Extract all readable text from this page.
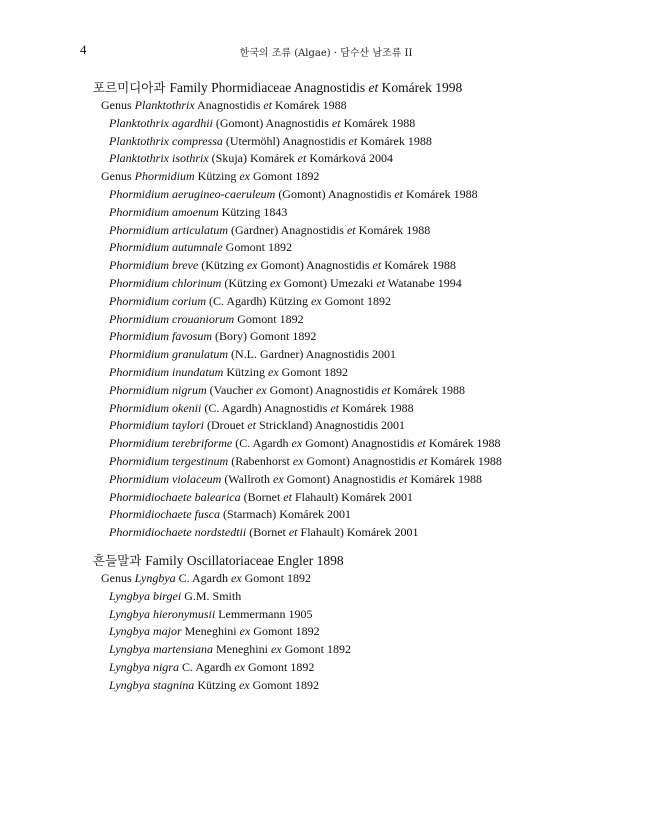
4	한국의 조류 (Algae) · 담수산 남조류 II
포르미디아과 Family Phormidiaceae Anagnostidis et Komárek 1998
Genus Planktothrix Anagnostidis et Komárek 1988
Planktothrix agardhii (Gomont) Anagnostidis et Komárek 1988
Planktothrix compressa (Utermöhl) Anagnostidis et Komárek 1988
Planktothrix isothrix (Skuja) Komárek et Komárková 2004
Genus Phormidium Kützing ex Gomont 1892
Phormidium aerugineo-caeruleum (Gomont) Anagnostidis et Komárek 1988
Phormidium amoenum Kützing 1843
Phormidium articulatum (Gardner) Anagnostidis et Komárek 1988
Phormidium autumnale Gomont 1892
Phormidium breve (Kützing ex Gomont) Anagnostidis et Komárek 1988
Phormidium chlorinum (Kützing ex Gomont) Umezaki et Watanabe 1994
Phormidium corium (C. Agardh) Kützing ex Gomont 1892
Phormidium crouaniorum Gomont 1892
Phormidium favosum (Bory) Gomont 1892
Phormidium granulatum (N.L. Gardner) Anagnostidis 2001
Phormidium inundatum Kützing ex Gomont 1892
Phormidium nigrum (Vaucher ex Gomont) Anagnostidis et Komárek 1988
Phormidium okenii (C. Agardh) Anagnostidis et Komárek 1988
Phormidium taylori (Drouet et Strickland) Anagnostidis 2001
Phormidium terebriforme (C. Agardh ex Gomont) Anagnostidis et Komárek 1988
Phormidium tergestinum (Rabenhorst ex Gomont) Anagnostidis et Komárek 1988
Phormidium violaceum (Wallroth ex Gomont) Anagnostidis et Komárek 1988
Phormidiochaete balearica (Bornet et Flahault) Komárek 2001
Phormidiochaete fusca (Starmach) Komárek 2001
Phormidiochaete nordstedtii (Bornet et Flahault) Komárek 2001
흔들말과 Family Oscillatoriaceae Engler 1898
Genus Lyngbya C. Agardh ex Gomont 1892
Lyngbya birgei G.M. Smith
Lyngbya hieronymusii Lemmermann 1905
Lyngbya major Meneghini ex Gomont 1892
Lyngbya martensiana Meneghini ex Gomont 1892
Lyngbya nigra C. Agardh ex Gomont 1892
Lyngbya stagnina Kützing ex Gomont 1892
